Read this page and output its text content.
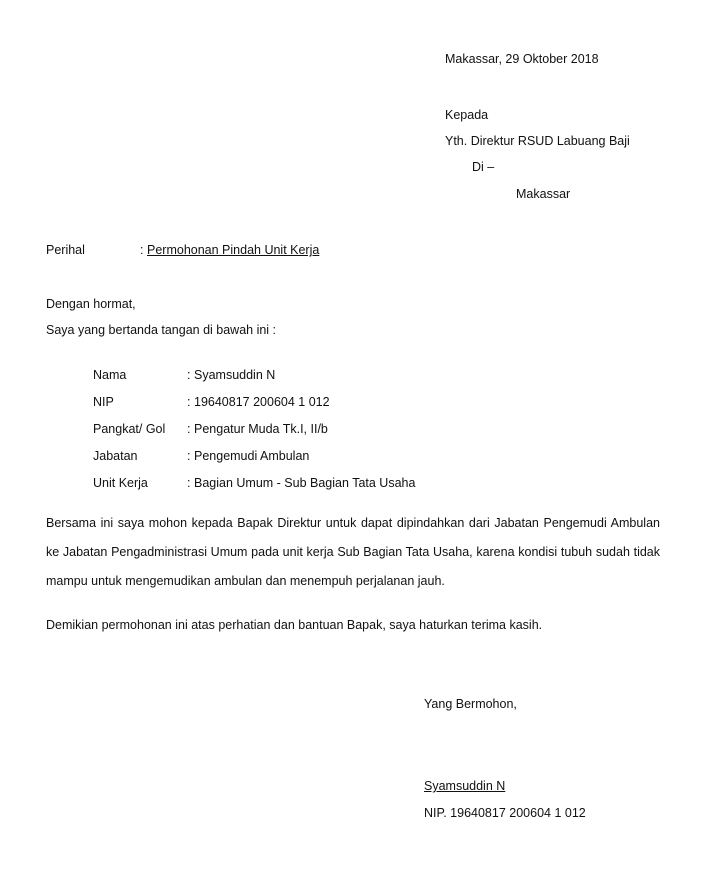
Makassar, 29 Oktober 2018
Kepada
Yth. Direktur RSUD Labuang Baji
Di –
Makassar
Perihal	: Permohonan Pindah Unit Kerja
Dengan hormat,
Saya yang bertanda tangan di bawah ini :
Nama	: Syamsuddin N
NIP	: 19640817 200604 1 012
Pangkat/ Gol : Pengatur Muda Tk.I, II/b
Jabatan	: Pengemudi Ambulan
Unit Kerja	: Bagian Umum - Sub Bagian Tata Usaha
Bersama ini saya mohon kepada Bapak Direktur untuk dapat dipindahkan dari Jabatan Pengemudi Ambulan ke Jabatan Pengadministrasi Umum pada unit kerja Sub Bagian Tata Usaha, karena kondisi tubuh sudah tidak mampu untuk mengemudikan ambulan dan menempuh perjalanan jauh.
Demikian permohonan ini atas perhatian dan bantuan Bapak, saya haturkan terima kasih.
Yang Bermohon,
Syamsuddin N
NIP. 19640817 200604 1 012
